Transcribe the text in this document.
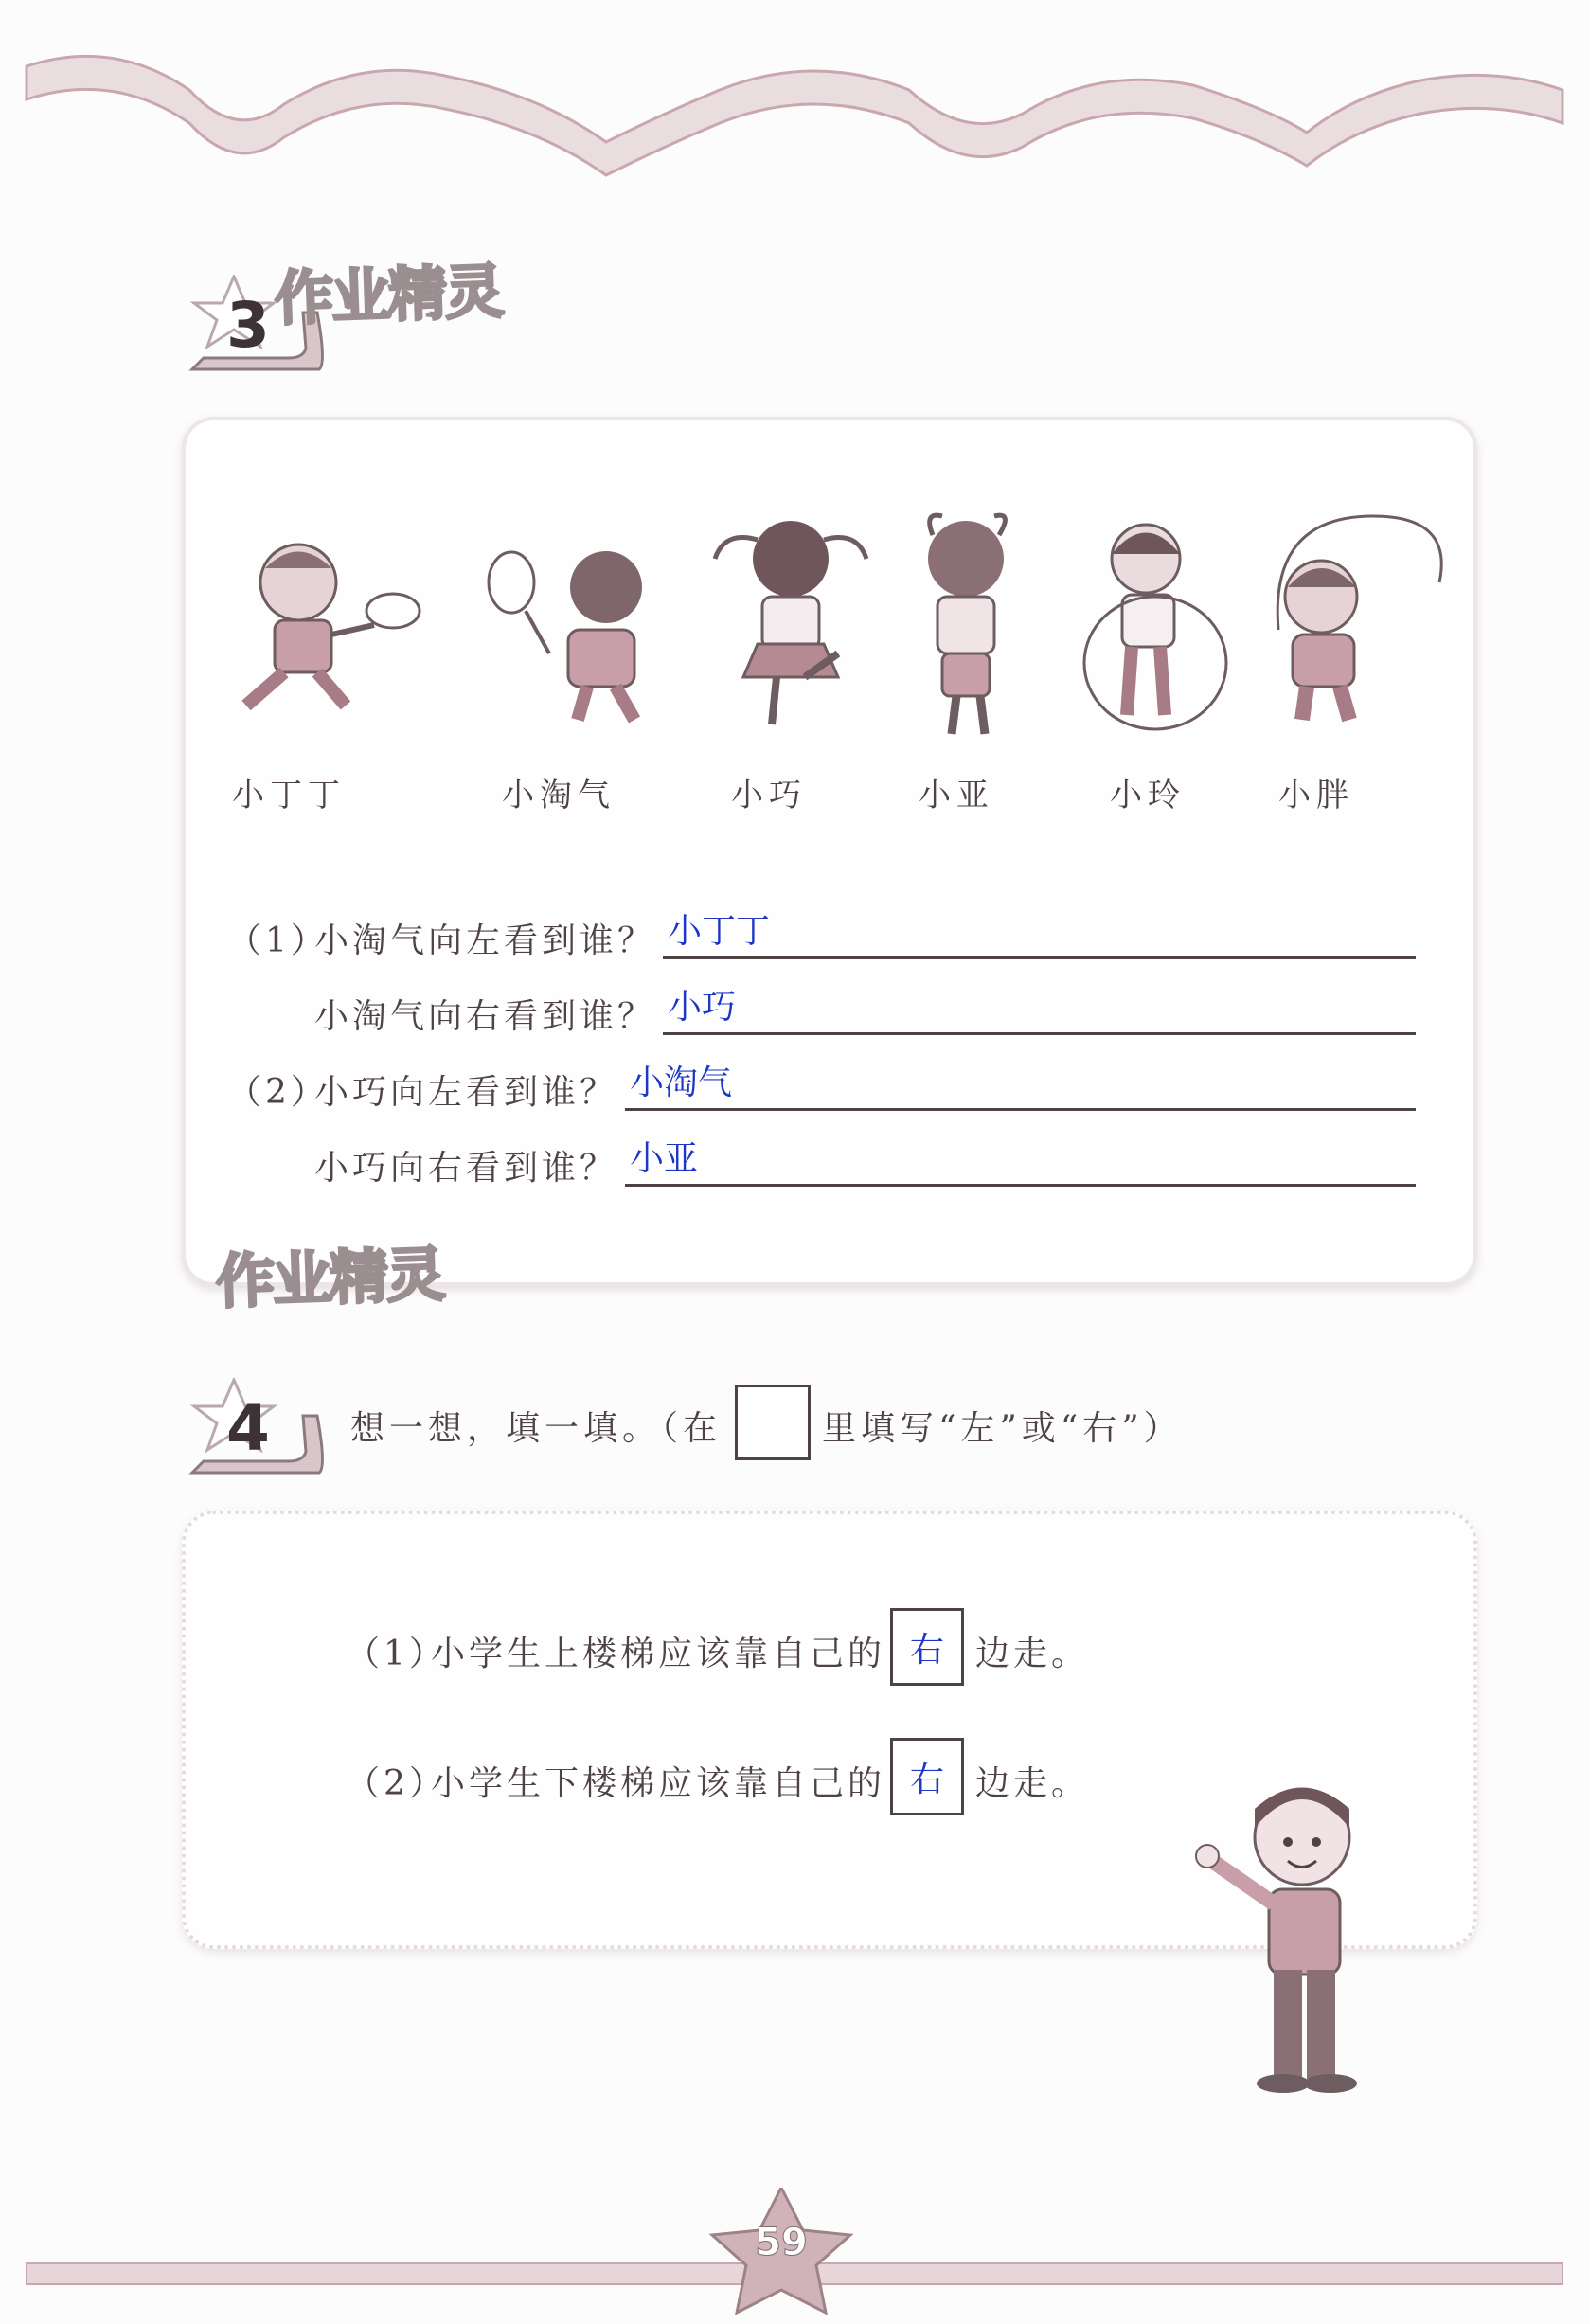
3 作业精灵
小丁丁	小淘气	小巧	小亚	小玲	小胖
（1）
小淘气向左看到谁？ 小丁丁
小淘气向右看到谁？ 小巧
（2）
小巧向左看到谁？ 小淘气
小巧向右看到谁？ 小亚
作业精灵
4 想一想，填一填。（在	里填写“左”或“右”）
（1）
小学生上楼梯应该靠自己的 右 边走。
（2）
小学生下楼梯应该靠自己的 右 边走。
59
